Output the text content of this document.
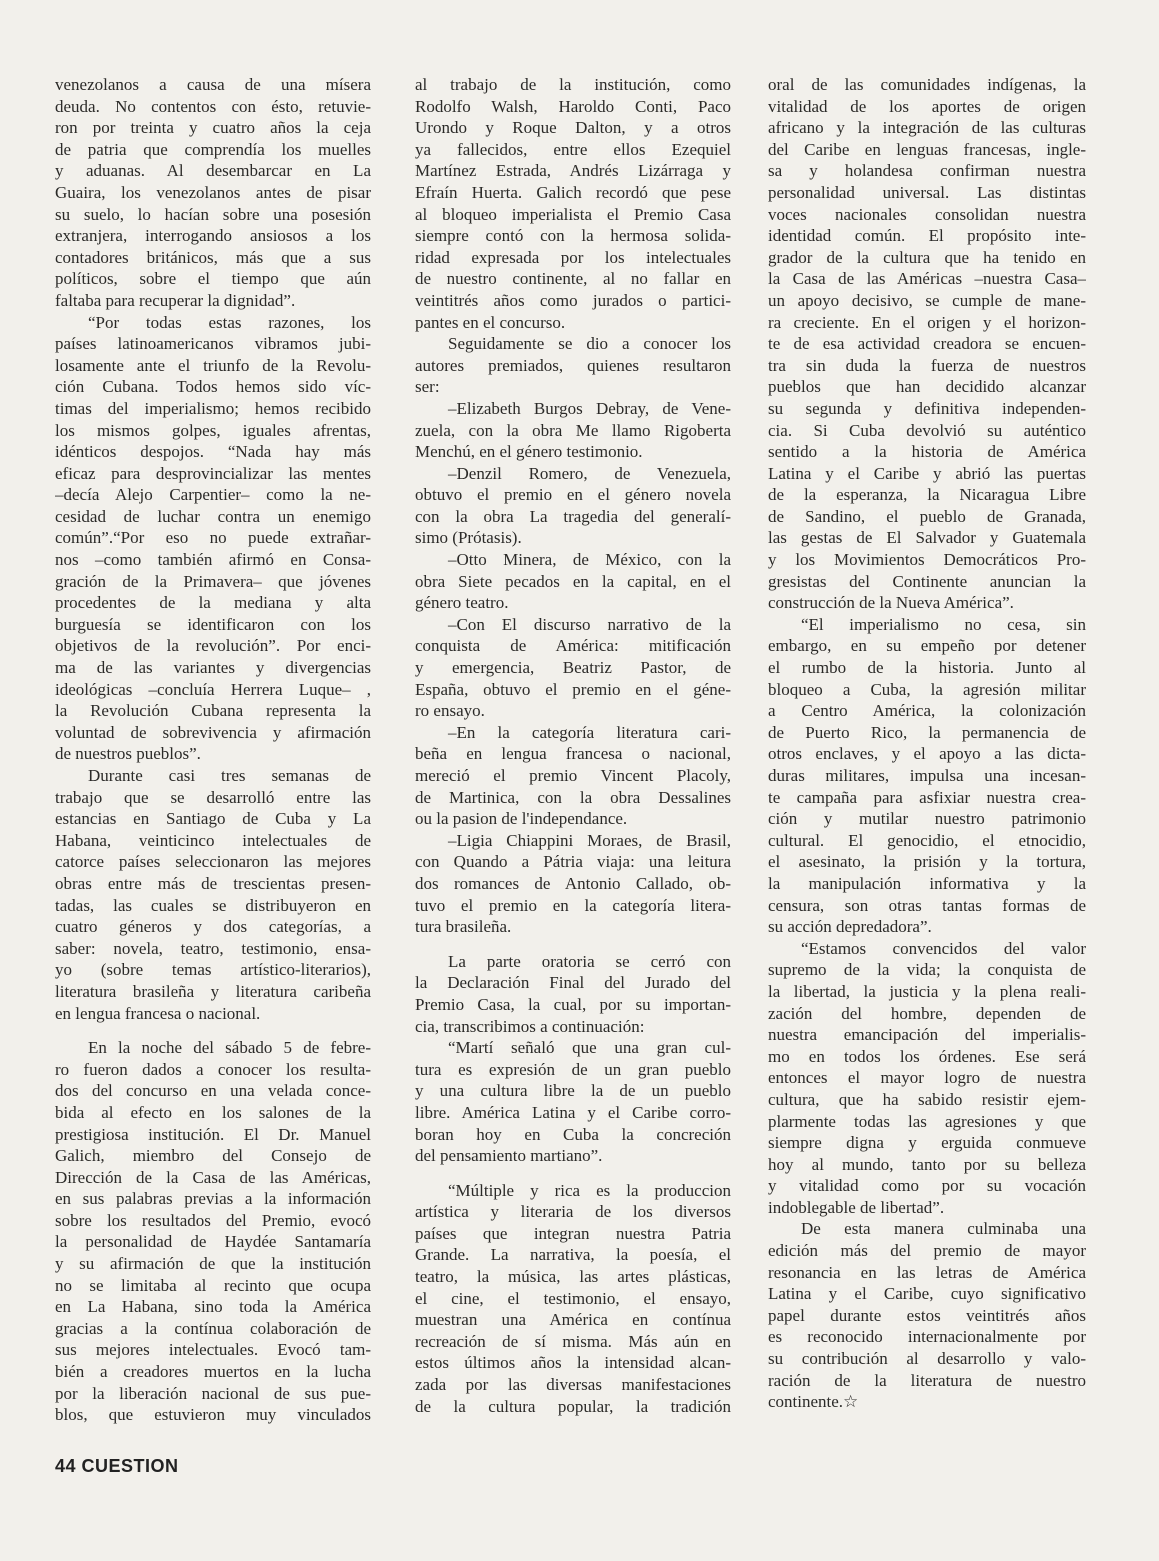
venezolanos a causa de una mísera
deuda. No contentos con ésto, retuvie-
ron por treinta y cuatro años la ceja
de patria que comprendía los muelles
y aduanas. Al desembarcar en La
Guaira, los venezolanos antes de pisar
su suelo, lo hacían sobre una posesión
extranjera, interrogando ansiosos a los
contadores británicos, más que a sus
políticos, sobre el tiempo que aún
faltaba para recuperar la dignidad”.
“Por todas estas razones, los
países latinoamericanos vibramos jubi-
losamente ante el triunfo de la Revolu-
ción Cubana. Todos hemos sido víc-
timas del imperialismo; hemos recibido
los mismos golpes, iguales afrentas,
idénticos despojos. “Nada hay más
eficaz para desprovincializar las mentes
–decía Alejo Carpentier– como la ne-
cesidad de luchar contra un enemigo
común”.“Por eso no puede extrañar-
nos –como también afirmó en Consa-
gración de la Primavera– que jóvenes
procedentes de la mediana y alta
burguesía se identificaron con los
objetivos de la revolución”. Por enci-
ma de las variantes y divergencias
ideológicas –concluía Herrera Luque– ,
la Revolución Cubana representa la
voluntad de sobrevivencia y afirmación
de nuestros pueblos”.
Durante casi tres semanas de
trabajo que se desarrolló entre las
estancias en Santiago de Cuba y La
Habana, veinticinco intelectuales de
catorce países seleccionaron las mejores
obras entre más de trescientas presen-
tadas, las cuales se distribuyeron en
cuatro géneros y dos categorías, a
saber: novela, teatro, testimonio, ensa-
yo (sobre temas artístico-literarios),
literatura brasileña y literatura caribeña
en lengua francesa o nacional.
En la noche del sábado 5 de febre-
ro fueron dados a conocer los resulta-
dos del concurso en una velada conce-
bida al efecto en los salones de la
prestigiosa institución. El Dr. Manuel
Galich, miembro del Consejo de
Dirección de la Casa de las Américas,
en sus palabras previas a la información
sobre los resultados del Premio, evocó
la personalidad de Haydée Santamaría
y su afirmación de que la institución
no se limitaba al recinto que ocupa
en La Habana, sino toda la América
gracias a la contínua colaboración de
sus mejores intelectuales. Evocó tam-
bién a creadores muertos en la lucha
por la liberación nacional de sus pue-
blos, que estuvieron muy vinculados
al trabajo de la institución, como
Rodolfo Walsh, Haroldo Conti, Paco
Urondo y Roque Dalton, y a otros
ya fallecidos, entre ellos Ezequiel
Martínez Estrada, Andrés Lizárraga y
Efraín Huerta. Galich recordó que pese
al bloqueo imperialista el Premio Casa
siempre contó con la hermosa solida-
ridad expresada por los intelectuales
de nuestro continente, al no fallar en
veintitrés años como jurados o partici-
pantes en el concurso.
Seguidamente se dio a conocer los
autores premiados, quienes resultaron
ser:
–Elizabeth Burgos Debray, de Vene-
zuela, con la obra Me llamo Rigoberta
Menchú, en el género testimonio.
–Denzil Romero, de Venezuela,
obtuvo el premio en el género novela
con la obra La tragedia del generalí-
simo (Prótasis).
–Otto Minera, de México, con la
obra Siete pecados en la capital, en el
género teatro.
–Con El discurso narrativo de la
conquista de América: mitificación
y emergencia, Beatriz Pastor, de
España, obtuvo el premio en el géne-
ro ensayo.
–En la categoría literatura cari-
beña en lengua francesa o nacional,
mereció el premio Vincent Placoly,
de Martinica, con la obra Dessalines
ou la pasion de l'independance.
–Ligia Chiappini Moraes, de Brasil,
con Quando a Pátria viaja: una leitura
dos romances de Antonio Callado, ob-
tuvo el premio en la categoría litera-
tura brasileña.
La parte oratoria se cerró con
la Declaración Final del Jurado del
Premio Casa, la cual, por su importan-
cia, transcribimos a continuación:
“Martí señaló que una gran cul-
tura es expresión de un gran pueblo
y una cultura libre la de un pueblo
libre. América Latina y el Caribe corro-
boran hoy en Cuba la concreción
del pensamiento martiano”.
“Múltiple y rica es la produccion
artística y literaria de los diversos
países que integran nuestra Patria
Grande. La narrativa, la poesía, el
teatro, la música, las artes plásticas,
el cine, el testimonio, el ensayo,
muestran una América en contínua
recreación de sí misma. Más aún en
estos últimos años la intensidad alcan-
zada por las diversas manifestaciones
de la cultura popular, la tradición
oral de las comunidades indígenas, la
vitalidad de los aportes de origen
africano y la integración de las culturas
del Caribe en lenguas francesas, ingle-
sa y holandesa confirman nuestra
personalidad universal. Las distintas
voces nacionales consolidan nuestra
identidad común. El propósito inte-
grador de la cultura que ha tenido en
la Casa de las Américas –nuestra Casa–
un apoyo decisivo, se cumple de mane-
ra creciente. En el origen y el horizon-
te de esa actividad creadora se encuen-
tra sin duda la fuerza de nuestros
pueblos que han decidido alcanzar
su segunda y definitiva independen-
cia. Si Cuba devolvió su auténtico
sentido a la historia de América
Latina y el Caribe y abrió las puertas
de la esperanza, la Nicaragua Libre
de Sandino, el pueblo de Granada,
las gestas de El Salvador y Guatemala
y los Movimientos Democráticos Pro-
gresistas del Continente anuncian la
construcción de la Nueva América”.
“El imperialismo no cesa, sin
embargo, en su empeño por detener
el rumbo de la historia. Junto al
bloqueo a Cuba, la agresión militar
a Centro América, la colonización
de Puerto Rico, la permanencia de
otros enclaves, y el apoyo a las dicta-
duras militares, impulsa una incesan-
te campaña para asfixiar nuestra crea-
ción y mutilar nuestro patrimonio
cultural. El genocidio, el etnocidio,
el asesinato, la prisión y la tortura,
la manipulación informativa y la
censura, son otras tantas formas de
su acción depredadora”.
“Estamos convencidos del valor
supremo de la vida; la conquista de
la libertad, la justicia y la plena reali-
zación del hombre, dependen de
nuestra emancipación del imperialis-
mo en todos los órdenes. Ese será
entonces el mayor logro de nuestra
cultura, que ha sabido resistir ejem-
plarmente todas las agresiones y que
siempre digna y erguida conmueve
hoy al mundo, tanto por su belleza
y vitalidad como por su vocación
indoblegable de libertad”.
De esta manera culminaba una
edición más del premio de mayor
resonancia en las letras de América
Latina y el Caribe, cuyo significativo
papel durante estos veintitrés años
es reconocido internacionalmente por
su contribución al desarrollo y valo-
ración de la literatura de nuestro
continente.☆
44 CUESTION
